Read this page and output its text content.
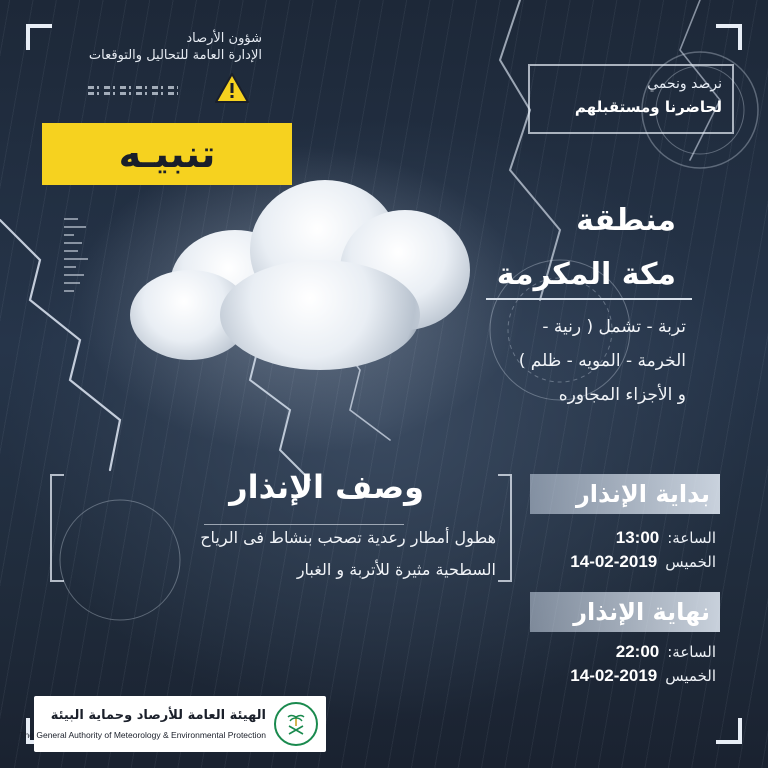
شؤون الأرصاد
الإدارة العامة للتحاليل والتوقعات
تنبيـه
نرصد ونحمي
لحاضرنا ومستقبلهم
منطقة
مكة المكرمة
تربة - تشمل ( رنية -
الخرمة - المويه - ظلم )
و الأجزاء المجاوره
وصف الإنذار
هطول أمطار رعدية تصحب بنشاط فى الرياح
السطحية مثيرة للأتربة و الغبار
بداية الإنذار
الساعة:
13:00
الخميس
14-02-2019
نهاية الإنذار
الساعة:
22:00
الخميس
14-02-2019
الهيئة العامة للأرصاد وحماية البيئة
The General Authority of Meteorology & Environmental Protection
